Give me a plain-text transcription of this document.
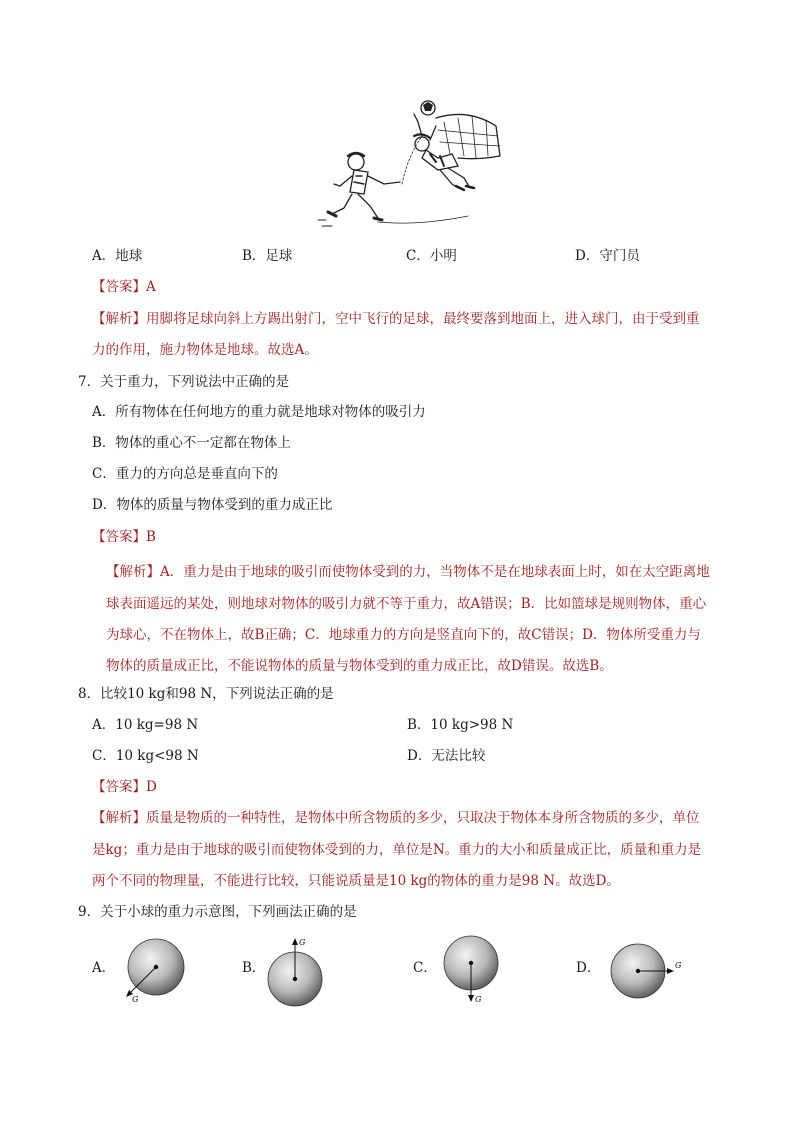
A．地球	B．足球	C．小明	D．守门员
【答案】A
【解析】用脚将足球向斜上方踢出射门，空中飞行的足球，最终要落到地面上，进入球门，由于受到重
力的作用，施力物体是地球。故选A。
7．关于重力，下列说法中正确的是
A．所有物体在任何地方的重力就是地球对物体的吸引力
B．物体的重心不一定都在物体上
C．重力的方向总是垂直向下的
D．物体的质量与物体受到的重力成正比
【答案】B
【解析】A．重力是由于地球的吸引而使物体受到的力，当物体不是在地球表面上时，如在太空距离地
球表面遥远的某处，则地球对物体的吸引力就不等于重力，故A错误；B．比如篮球是规则物体，重心
为球心，不在物体上，故B正确；C．地球重力的方向是竖直向下的，故C错误；D．物体所受重力与
物体的质量成正比，不能说物体的质量与物体受到的重力成正比，故D错误。故选B。
8．比较10 kg和98 N，下列说法正确的是
A．10 kg=98 N	B．10 kg>98 N
C．10 kg<98 N	D．无法比较
【答案】D
【解析】质量是物质的一种特性，是物体中所含物质的多少，只取决于物体本身所含物质的多少，单位
是kg；重力是由于地球的吸引而使物体受到的力，单位是N。重力的大小和质量成正比，质量和重力是
两个不同的物理量，不能进行比较，只能说质量是10 kg的物体的重力是98 N。故选D。
9．关于小球的重力示意图，下列画法正确的是
A．
G
B．
G
C．
G
D．	G
